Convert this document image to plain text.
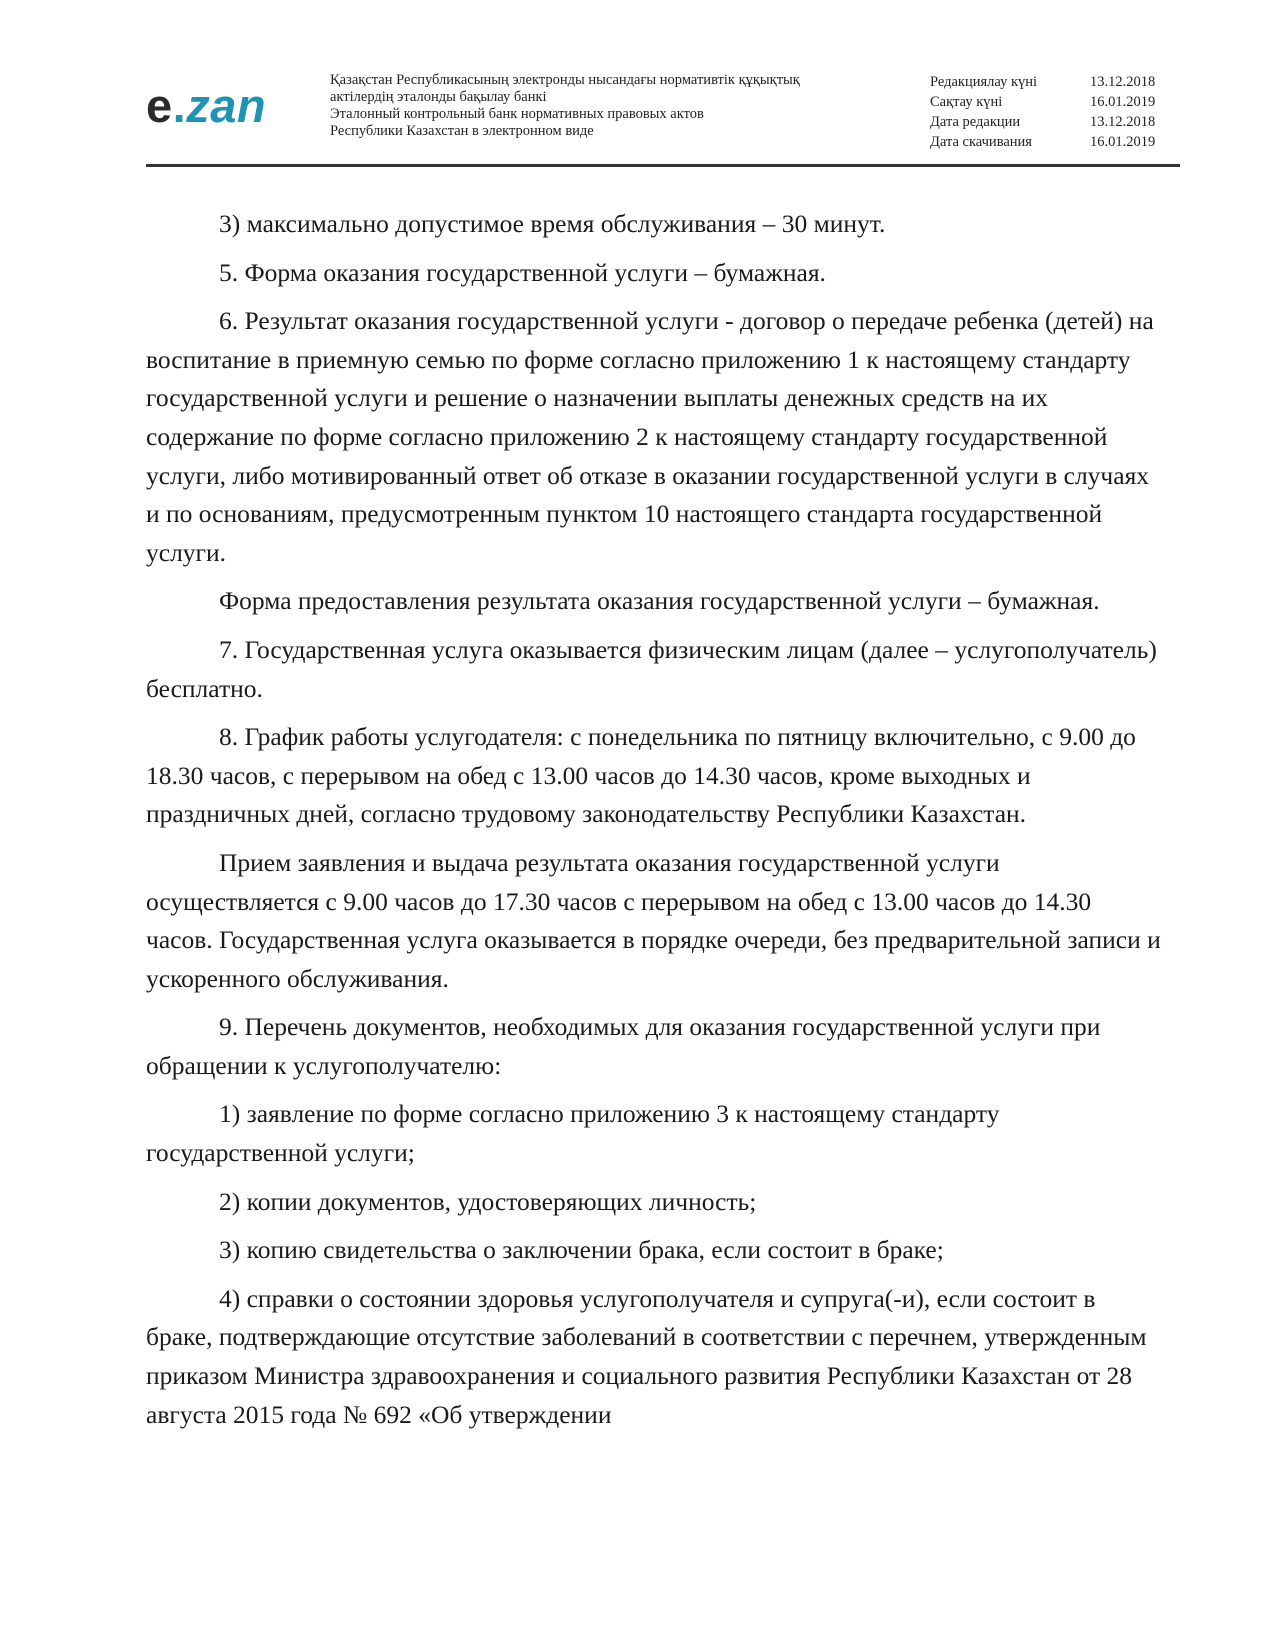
e.zan	Қазақстан Республикасының электронды нысандағы нормативтік құқықтық
актілердің эталонды бақылау банкі
Эталонный контрольный банк нормативных правовых актов
Республики Казахстан в электронном виде
Редакциялау күні	13.12.2018
Сақтау күні	16.01.2019
Дата редакции	13.12.2018
Дата скачивания	16.01.2019

3) максимально допустимое время обслуживания – 30 минут.

5. Форма оказания государственной услуги – бумажная.

6. Результат оказания государственной услуги - договор о передаче ребенка (детей) на воспитание в приемную семью по форме согласно приложению 1 к настоящему стандарту государственной услуги и решение о назначении выплаты денежных средств на их содержание по форме согласно приложению 2 к настоящему стандарту государственной услуги, либо мотивированный ответ об отказе в оказании государственной услуги в случаях и по основаниям, предусмотренным пунктом 10 настоящего стандарта государственной услуги.

Форма предоставления результата оказания государственной услуги – бумажная.

7. Государственная услуга оказывается физическим лицам (далее – услугополучатель) бесплатно.

8. График работы услугодателя: с понедельника по пятницу включительно, с 9.00 до 18.30 часов, с перерывом на обед с 13.00 часов до 14.30 часов, кроме выходных и праздничных дней, согласно трудовому законодательству Республики Казахстан.

Прием заявления и выдача результата оказания государственной услуги осуществляется с 9.00 часов до 17.30 часов с перерывом на обед с 13.00 часов до 14.30 часов. Государственная услуга оказывается в порядке очереди, без предварительной записи и ускоренного обслуживания.

9. Перечень документов, необходимых для оказания государственной услуги при обращении к услугополучателю:

1) заявление по форме согласно приложению 3 к настоящему стандарту государственной услуги;

2) копии документов, удостоверяющих личность;

3) копию свидетельства о заключении брака, если состоит в браке;

4) справки о состоянии здоровья услугополучателя и супруга(-и), если состоит в браке, подтверждающие отсутствие заболеваний в соответствии с перечнем, утвержденным приказом Министра здравоохранения и социального развития Республики Казахстан от 28 августа 2015 года № 692 «Об утверждении
